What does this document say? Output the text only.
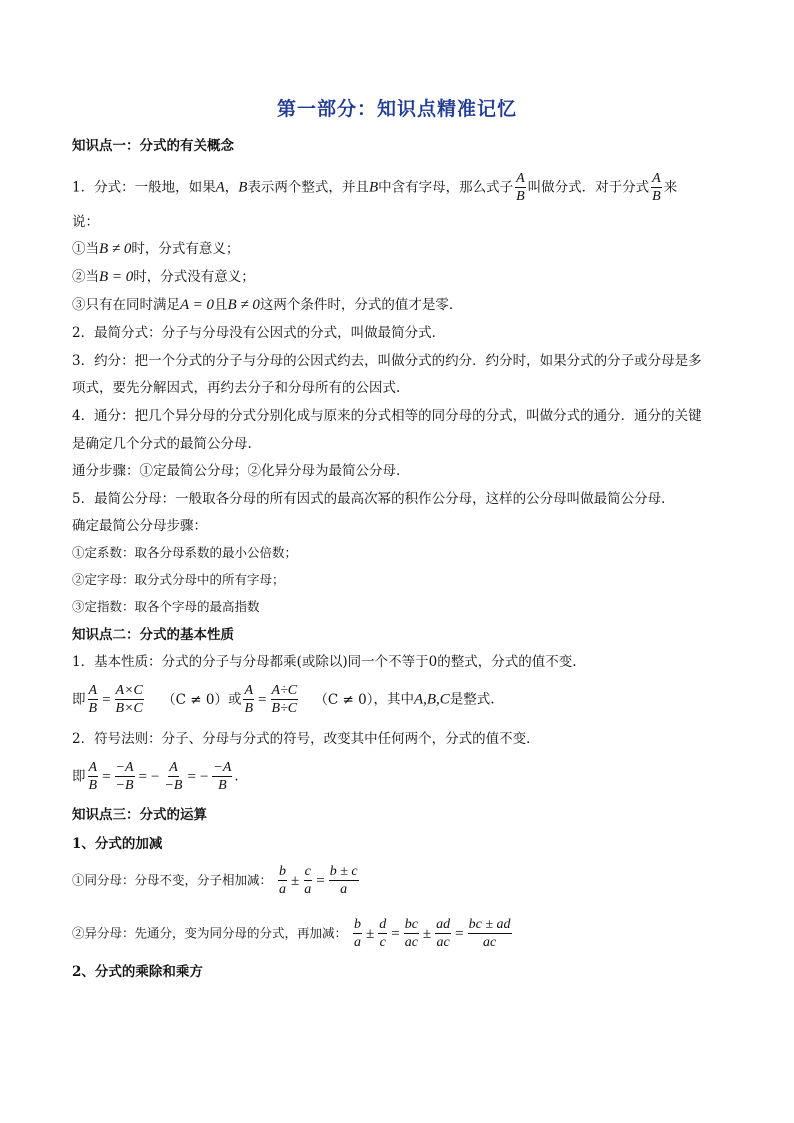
第一部分：知识点精准记忆
知识点一：分式的有关概念
1．分式：一般地，如果A，B表示两个整式，并且B中含有字母，那么式子 $\frac{A}{B}$ 叫做分式．对于分式 $\frac{A}{B}$ 来
说：
①当B ≠ 0时，分式有意义；
②当B = 0时，分式没有意义；
③只有在同时满足A = 0且B ≠ 0这两个条件时，分式的值才是零．
2．最简分式：分子与分母没有公因式的分式，叫做最简分式．
3．约分：把一个分式的分子与分母的公因式约去，叫做分式的约分．约分时，如果分式的分子或分母是多
项式，要先分解因式，再约去分子和分母所有的公因式.
4．通分：把几个异分母的分式分别化成与原来的分式相等的同分母的分式，叫做分式的通分．通分的关键
是确定几个分式的最简公分母.
通分步骤：①定最简公分母；②化异分母为最简公分母.
5．最简公分母：一般取各分母的所有因式的最高次幂的积作公分母，这样的公分母叫做最简公分母．
确定最简公分母步骤：
①定系数：取各分母系数的最小公倍数；
②定字母：取分式分母中的所有字母；
③定指数：取各个字母的最高指数
知识点二：分式的基本性质
1．基本性质：分式的分子与分母都乘(或除以)同一个不等于0的整式，分式的值不变.
即 $\frac{A}{B} = \frac{A\times C}{B\times C} (C \ne 0)$或 $\frac{A}{B} = \frac{A\div C}{B\div C} (C \ne 0)$，其中A,B,C是整式.
2．符号法则：分子、分母与分式的符号，改变其中任何两个，分式的值不变．
即 $\frac{A}{B} = \frac{-A}{-B}$ = − $\frac{A}{-B}$ = − $\frac{-A}{B}$ .
知识点三：分式的运算
1、分式的加减
①同分母：分母不变，分子相加减： $\frac{b}{a} \pm \frac{c}{a} = \frac{b \pm c}{a}$
②异分母：先通分，变为同分母的分式，再加减： $\frac{b}{a} \pm \frac{d}{c} = \frac{bc}{ac} \pm \frac{ad}{ac} = \frac{bc \pm ad}{ac}$
2、分式的乘除和乘方
